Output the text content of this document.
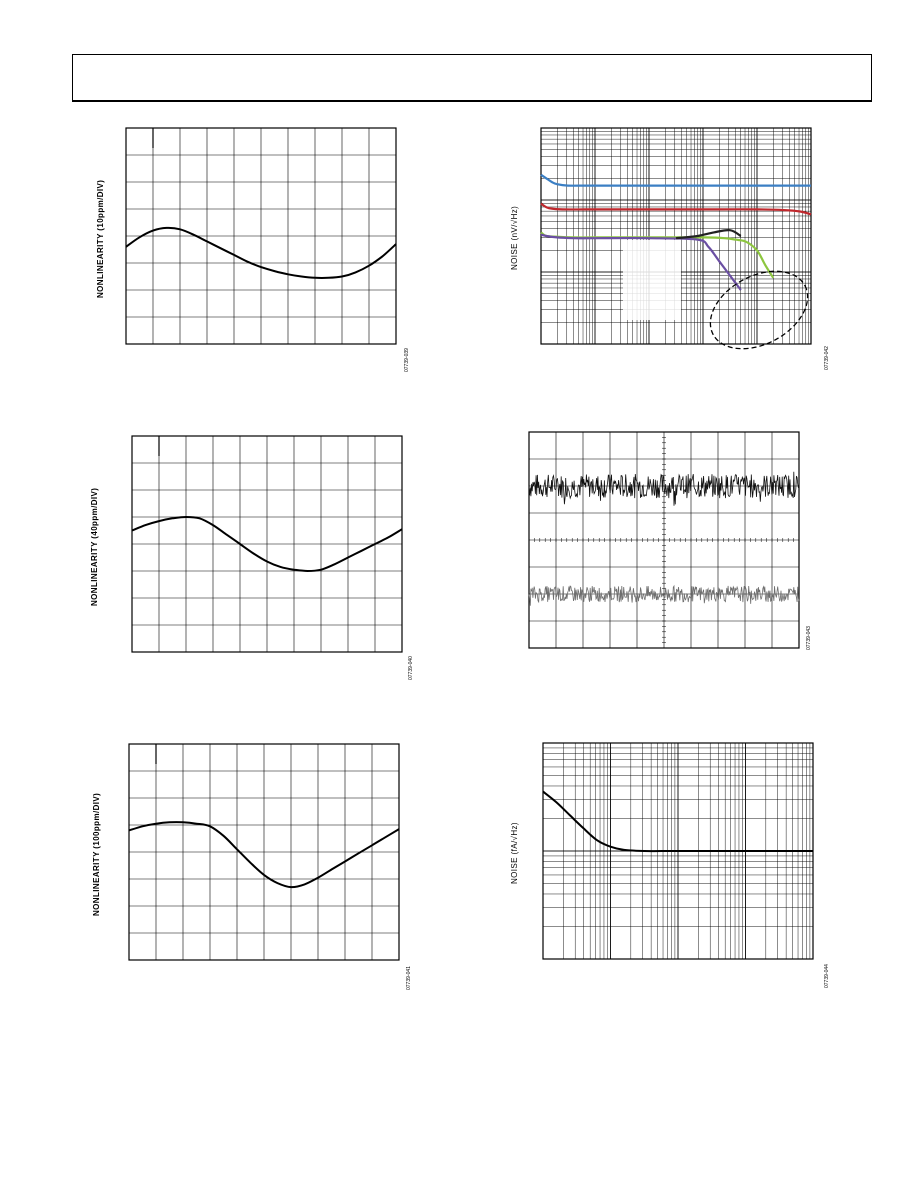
NONLINEARITY (10ppm/DIV)
07739-039
NONLINEARITY (40ppm/DIV)
07739-040
NONLINEARITY (100ppm/DIV)
07739-041
NOISE (nV/√Hz)
07739-042
07739-043
NOISE (fA/√Hz)
07739-044
